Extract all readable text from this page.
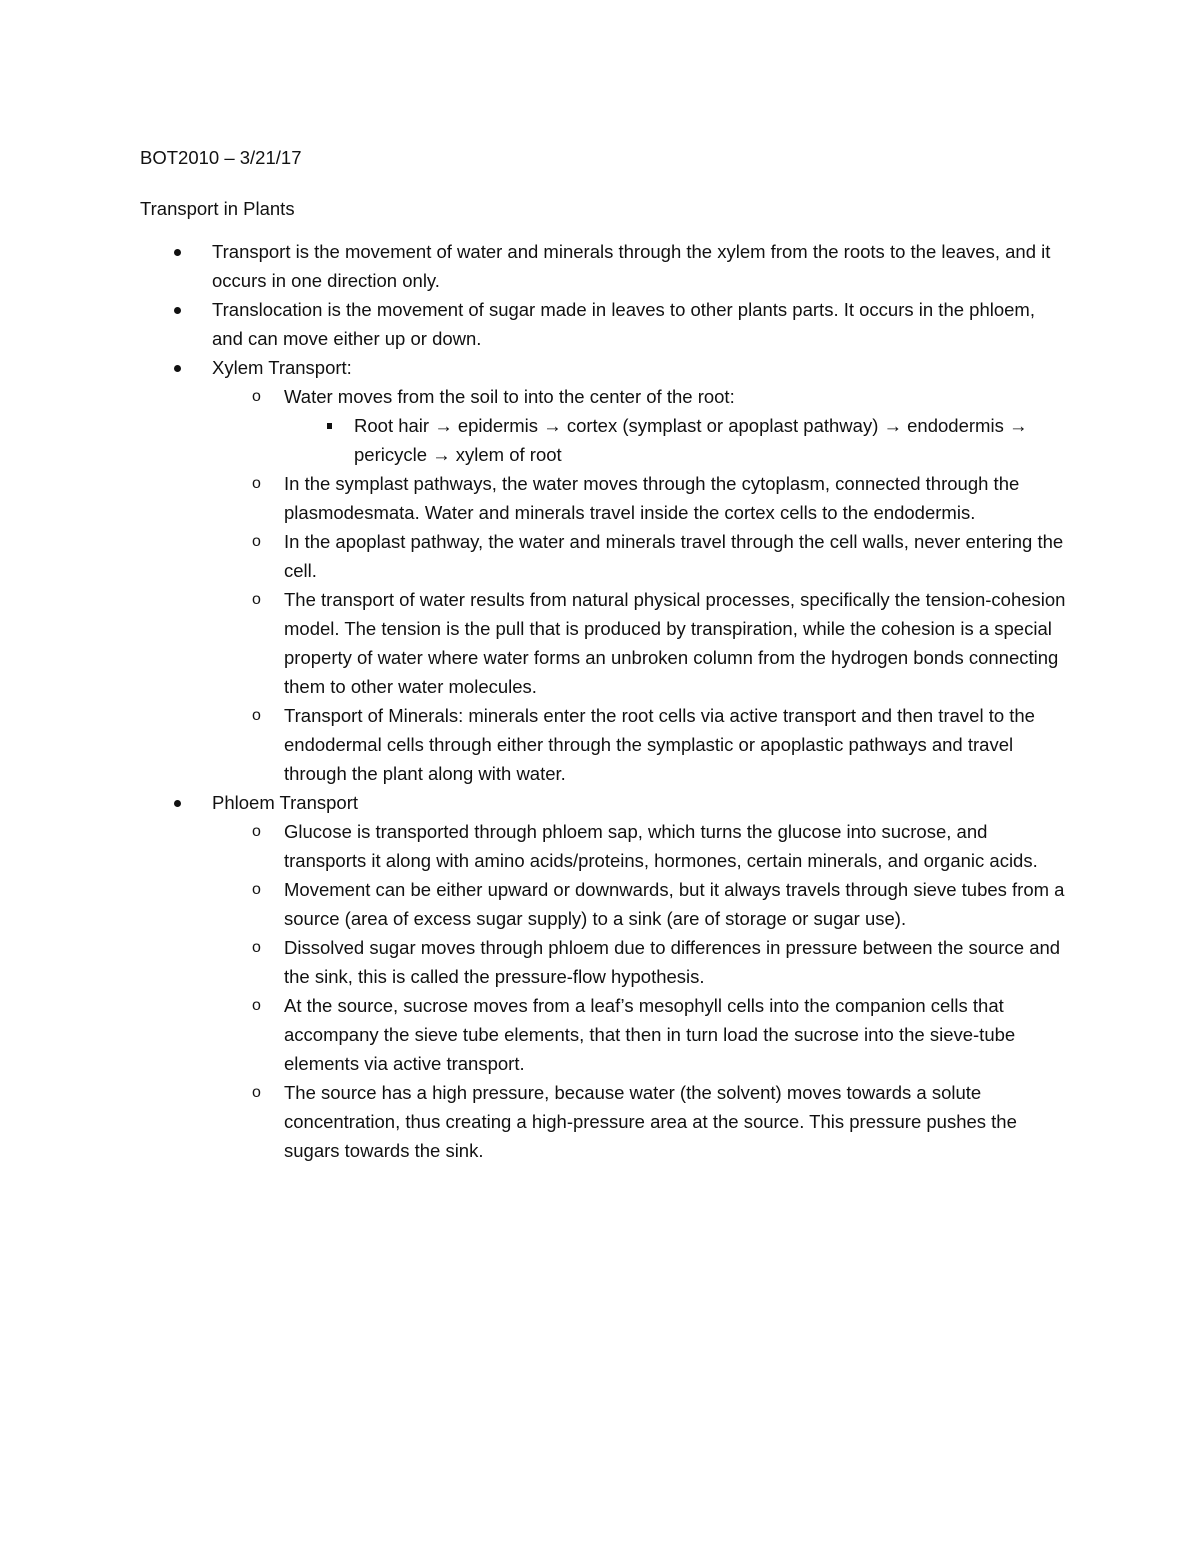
BOT2010 – 3/21/17

Transport in Plants

Transport is the movement of water and minerals through the xylem from the roots to the leaves, and it occurs in one direction only.
Translocation is the movement of sugar made in leaves to other plants parts. It occurs in the phloem, and can move either up or down.
Xylem Transport:
o Water moves from the soil to into the center of the root:
Root hair → epidermis → cortex (symplast or apoplast pathway) → endodermis → pericycle → xylem of root
o In the symplast pathways, the water moves through the cytoplasm, connected through the plasmodesmata. Water and minerals travel inside the cortex cells to the endodermis.
o In the apoplast pathway, the water and minerals travel through the cell walls, never entering the cell.
o The transport of water results from natural physical processes, specifically the tension-cohesion model. The tension is the pull that is produced by transpiration, while the cohesion is a special property of water where water forms an unbroken column from the hydrogen bonds connecting them to other water molecules.
o Transport of Minerals: minerals enter the root cells via active transport and then travel to the endodermal cells through either through the symplastic or apoplastic pathways and travel through the plant along with water.
Phloem Transport
o Glucose is transported through phloem sap, which turns the glucose into sucrose, and transports it along with amino acids/proteins, hormones, certain minerals, and organic acids.
o Movement can be either upward or downwards, but it always travels through sieve tubes from a source (area of excess sugar supply) to a sink (are of storage or sugar use).
o Dissolved sugar moves through phloem due to differences in pressure between the source and the sink, this is called the pressure-flow hypothesis.
o At the source, sucrose moves from a leaf’s mesophyll cells into the companion cells that accompany the sieve tube elements, that then in turn load the sucrose into the sieve-tube elements via active transport.
o The source has a high pressure, because water (the solvent) moves towards a solute concentration, thus creating a high-pressure area at the source. This pressure pushes the sugars towards the sink.
